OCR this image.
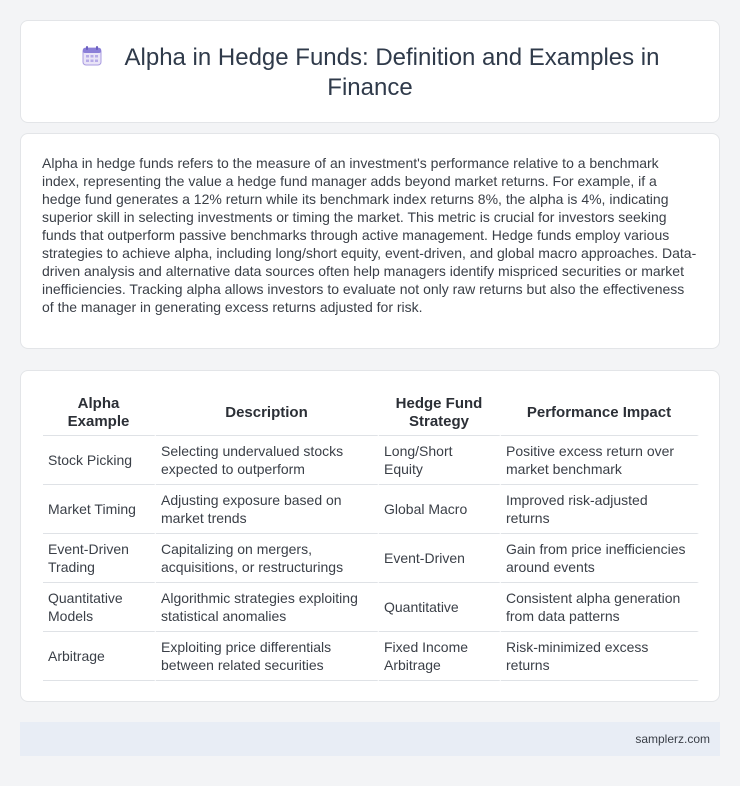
Alpha in Hedge Funds: Definition and Examples in Finance

Alpha in hedge funds refers to the measure of an investment's performance relative to a benchmark index, representing the value a hedge fund manager adds beyond market returns. For example, if a hedge fund generates a 12% return while its benchmark index returns 8%, the alpha is 4%, indicating superior skill in selecting investments or timing the market. This metric is crucial for investors seeking funds that outperform passive benchmarks through active management. Hedge funds employ various strategies to achieve alpha, including long/short equity, event-driven, and global macro approaches. Data-driven analysis and alternative data sources often help managers identify mispriced securities or market inefficiencies. Tracking alpha allows investors to evaluate not only raw returns but also the effectiveness of the manager in generating excess returns adjusted for risk.

Alpha Example	Description	Hedge Fund Strategy	Performance Impact
Stock Picking	Selecting undervalued stocks expected to outperform	Long/Short Equity	Positive excess return over market benchmark
Market Timing	Adjusting exposure based on market trends	Global Macro	Improved risk-adjusted returns
Event-Driven Trading	Capitalizing on mergers, acquisitions, or restructurings	Event-Driven	Gain from price inefficiencies around events
Quantitative Models	Algorithmic strategies exploiting statistical anomalies	Quantitative	Consistent alpha generation from data patterns
Arbitrage	Exploiting price differentials between related securities	Fixed Income Arbitrage	Risk-minimized excess returns
samplerz.com
